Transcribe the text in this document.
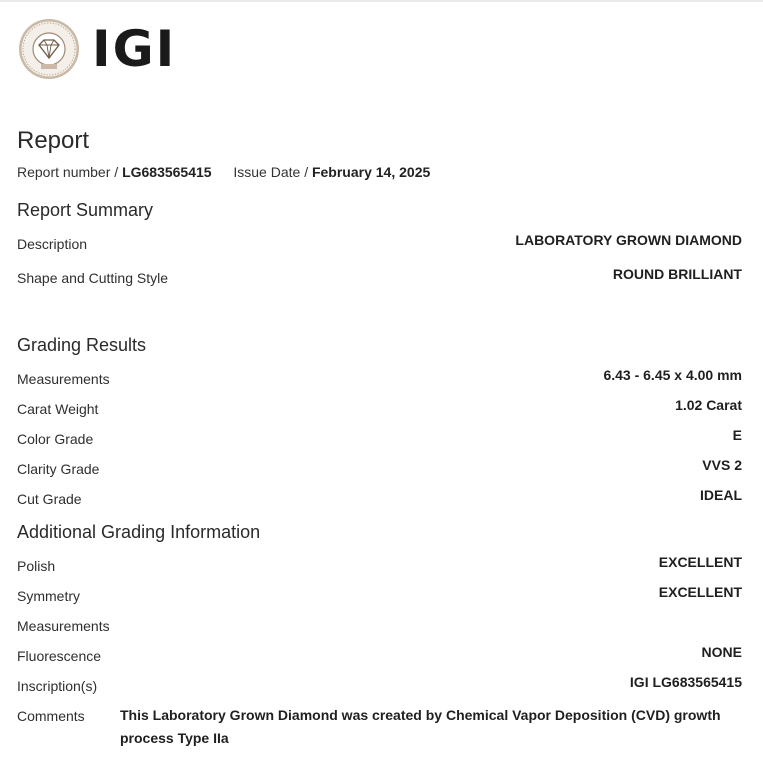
IGI
Report
Report number / LG683565415 Issue Date / February 14, 2025
Report Summary
Description	LABORATORY GROWN DIAMOND
Shape and Cutting Style	ROUND BRILLIANT
Grading Results
Measurements	6.43 - 6.45 x 4.00 mm
Carat Weight	1.02 Carat
Color Grade	E
Clarity Grade	VVS 2
Cut Grade	IDEAL
Additional Grading Information
Polish	EXCELLENT
Symmetry	EXCELLENT
Measurements
Fluorescence	NONE
Inscription(s)	IGI LG683565415
Comments	This Laboratory Grown Diamond was created by Chemical Vapor Deposition (CVD) growth process Type IIa
